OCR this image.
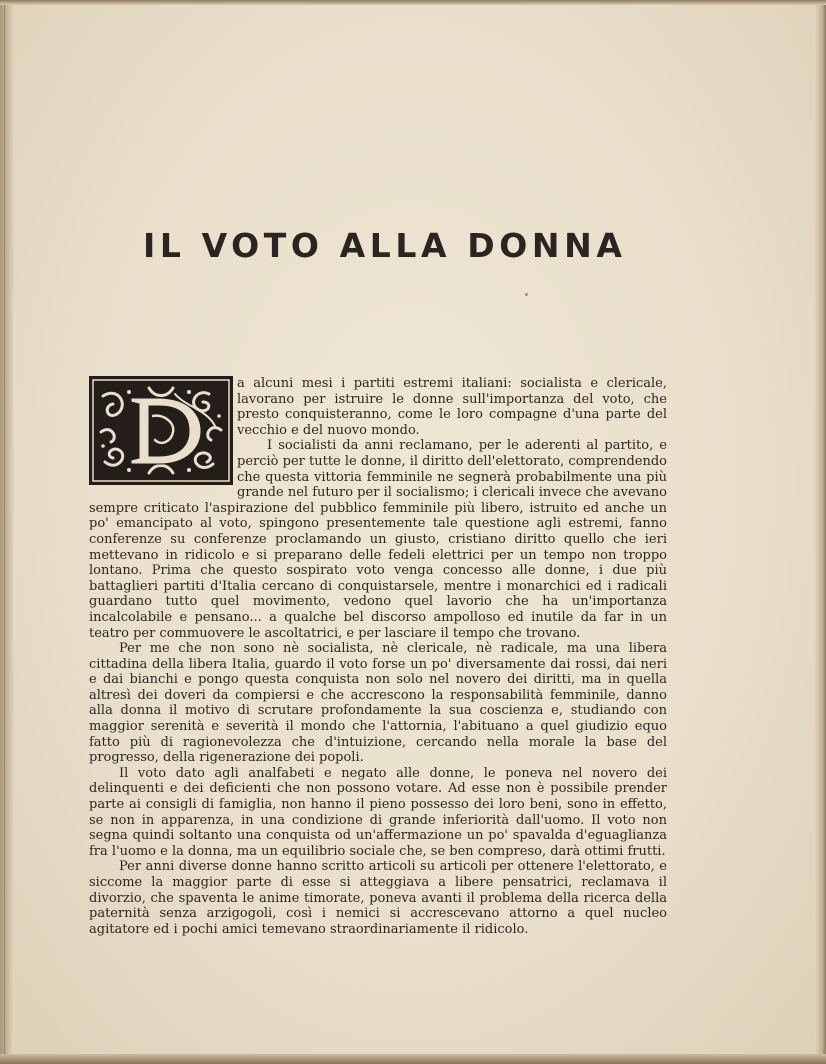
IL VOTO ALLA DONNA

a alcuni mesi i partiti estremi italiani: socialista e clericale, lavorano per istruire le donne sull'importanza del voto, che presto conquisteranno, come le loro compagne d'una parte del vecchio e del nuovo mondo.

I socialisti da anni reclamano, per le aderenti al partito, e perciò per tutte le donne, il diritto dell'elettorato, comprendendo che questa vittoria femminile ne segnerà probabilmente una più grande nel futuro per il socialismo; i clericali invece che avevano sempre criticato l'aspirazione del pubblico femminile più libero, istruito ed anche un po' emancipato al voto, spingono presentemente tale questione agli estremi, fanno conferenze su conferenze proclamando un giusto, cristiano diritto quello che ieri mettevano in ridicolo e si preparano delle fedeli elettrici per un tempo non troppo lontano. Prima che questo sospirato voto venga concesso alle donne, i due più battaglieri partiti d'Italia cercano di conquistarsele, mentre i monarchici ed i radicali guardano tutto quel movimento, vedono quel lavorio che ha un'importanza incalcolabile e pensano... a qualche bel discorso ampolloso ed inutile da far in un teatro per commuovere le ascoltatrici, e per lasciare il tempo che trovano.

Per me che non sono nè socialista, nè clericale, nè radicale, ma una libera cittadina della libera Italia, guardo il voto forse un po' diversamente dai rossi, dai neri e dai bianchi e pongo questa conquista non solo nel novero dei diritti, ma in quella altresì dei doveri da compiersi e che accrescono la responsabilità femminile, danno alla donna il motivo di scrutare profondamente la sua coscienza e, studiando con maggior serenità e severità il mondo che l'attornia, l'abituano a quel giudizio equo fatto più di ragionevolezza che d'intuizione, cercando nella morale la base del progresso, della rigenerazione dei popoli.

Il voto dato agli analfabeti e negato alle donne, le poneva nel novero dei delinquenti e dei deficienti che non possono votare. Ad esse non è possibile prender parte ai consigli di famiglia, non hanno il pieno possesso dei loro beni, sono in effetto, se non in apparenza, in una condizione di grande inferiorità dall'uomo. Il voto non segna quindi soltanto una conquista od un'affermazione un po' spavalda d'eguaglianza fra l'uomo e la donna, ma un equilibrio sociale che, se ben compreso, darà ottimi frutti.

Per anni diverse donne hanno scritto articoli su articoli per ottenere l'elettorato, e siccome la maggior parte di esse si atteggiava a libere pensatrici, reclamava il divorzio, che spaventa le anime timorate, poneva avanti il problema della ricerca della paternità senza arzigogoli, così i nemici si accrescevano attorno a quel nucleo agitatore ed i pochi amici temevano straordinariamente il ridicolo.
